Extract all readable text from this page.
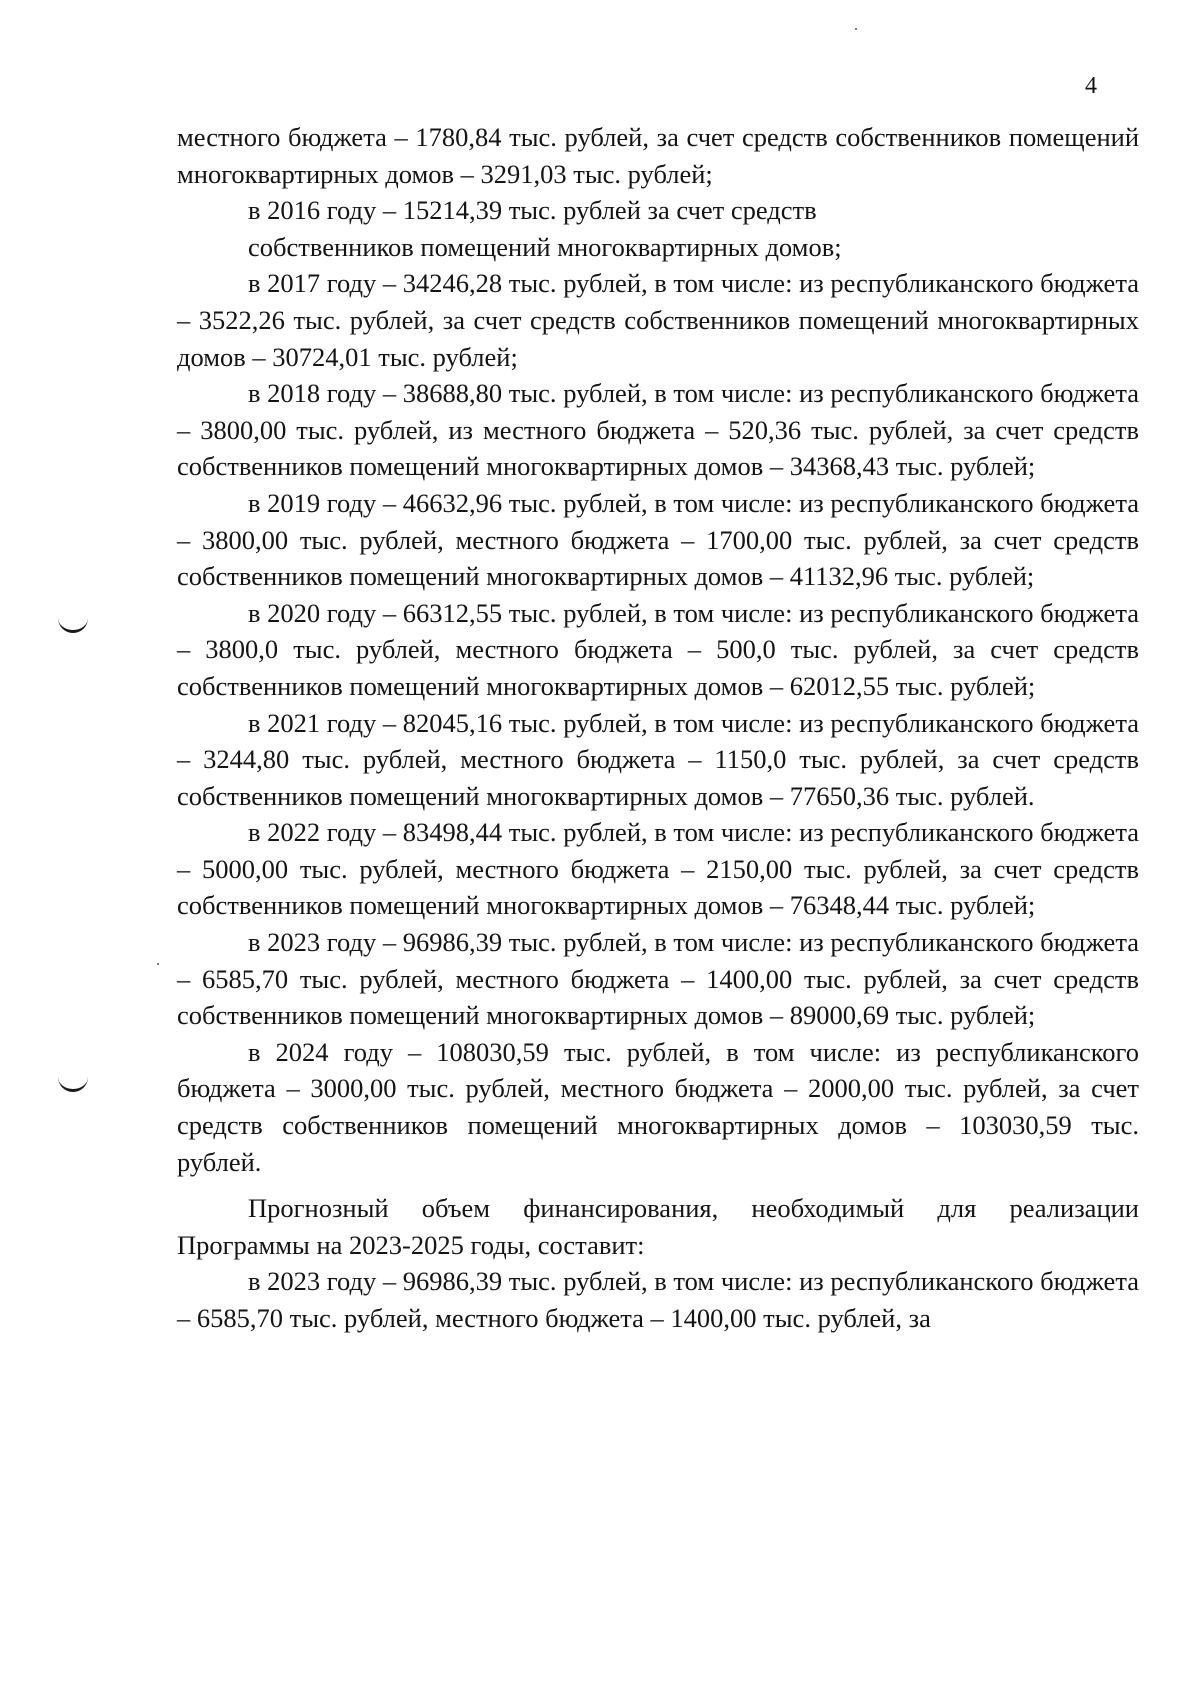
4

местного бюджета – 1780,84 тыс. рублей, за счет средств собственников помещений многоквартирных домов – 3291,03 тыс. рублей;

в 2016 году – 15214,39 тыс. рублей за счет средств

собственников помещений многоквартирных домов;

в 2017 году – 34246,28 тыс. рублей, в том числе: из республиканского бюджета – 3522,26 тыс. рублей, за счет средств собственников помещений многоквартирных домов – 30724,01 тыс. рублей;

в 2018 году – 38688,80 тыс. рублей, в том числе: из республиканского бюджета – 3800,00 тыс. рублей, из местного бюджета – 520,36 тыс. рублей, за счет средств собственников помещений многоквартирных домов – 34368,43 тыс. рублей;

в 2019 году – 46632,96 тыс. рублей, в том числе: из республиканского бюджета – 3800,00 тыс. рублей, местного бюджета – 1700,00 тыс. рублей, за счет средств собственников помещений многоквартирных домов – 41132,96 тыс. рублей;

в 2020 году – 66312,55 тыс. рублей, в том числе: из республиканского бюджета – 3800,0 тыс. рублей, местного бюджета – 500,0 тыс. рублей, за счет средств собственников помещений многоквартирных домов – 62012,55 тыс. рублей;

в 2021 году – 82045,16 тыс. рублей, в том числе: из республиканского бюджета – 3244,80 тыс. рублей, местного бюджета – 1150,0 тыс. рублей, за счет средств собственников помещений многоквартирных домов – 77650,36 тыс. рублей.

в 2022 году – 83498,44 тыс. рублей, в том числе: из республиканского бюджета – 5000,00 тыс. рублей, местного бюджета – 2150,00 тыс. рублей, за счет средств собственников помещений многоквартирных домов – 76348,44 тыс. рублей;

в 2023 году – 96986,39 тыс. рублей, в том числе: из республиканского бюджета – 6585,70 тыс. рублей, местного бюджета – 1400,00 тыс. рублей, за счет средств собственников помещений многоквартирных домов – 89000,69 тыс. рублей;

в 2024 году – 108030,59 тыс. рублей, в том числе: из республиканского бюджета – 3000,00 тыс. рублей, местного бюджета – 2000,00 тыс. рублей, за счет средств собственников помещений многоквартирных домов – 103030,59 тыс. рублей.

Прогнозный объем финансирования, необходимый для реализации Программы на 2023-2025 годы, составит:

в 2023 году – 96986,39 тыс. рублей, в том числе: из республиканского бюджета – 6585,70 тыс. рублей, местного бюджета – 1400,00 тыс. рублей, за
